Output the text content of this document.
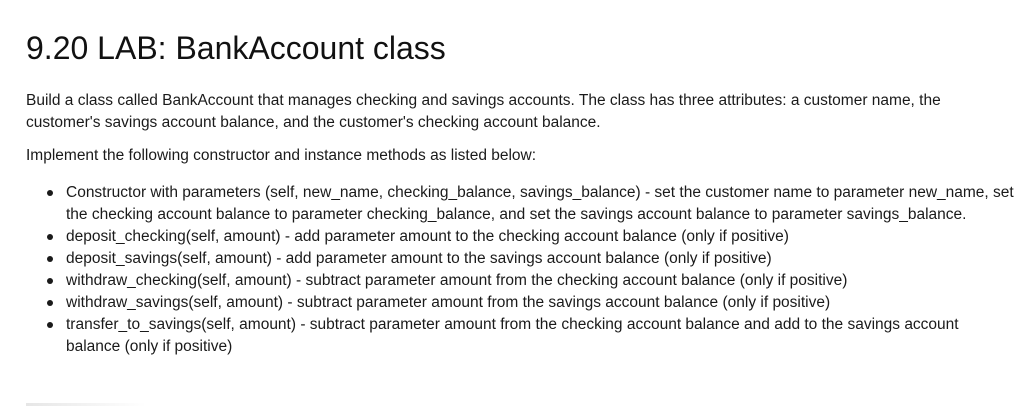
9.20 LAB: BankAccount class

Build a class called BankAccount that manages checking and savings accounts. The class has three attributes: a customer name, the customer's savings account balance, and the customer's checking account balance.

Implement the following constructor and instance methods as listed below:

Constructor with parameters (self, new_name, checking_balance, savings_balance) - set the customer name to parameter new_name, set the checking account balance to parameter checking_balance, and set the savings account balance to parameter savings_balance.
deposit_checking(self, amount) - add parameter amount to the checking account balance (only if positive)
deposit_savings(self, amount) - add parameter amount to the savings account balance (only if positive)
withdraw_checking(self, amount) - subtract parameter amount from the checking account balance (only if positive)
withdraw_savings(self, amount) - subtract parameter amount from the savings account balance (only if positive)
transfer_to_savings(self, amount) - subtract parameter amount from the checking account balance and add to the savings account balance (only if positive)
